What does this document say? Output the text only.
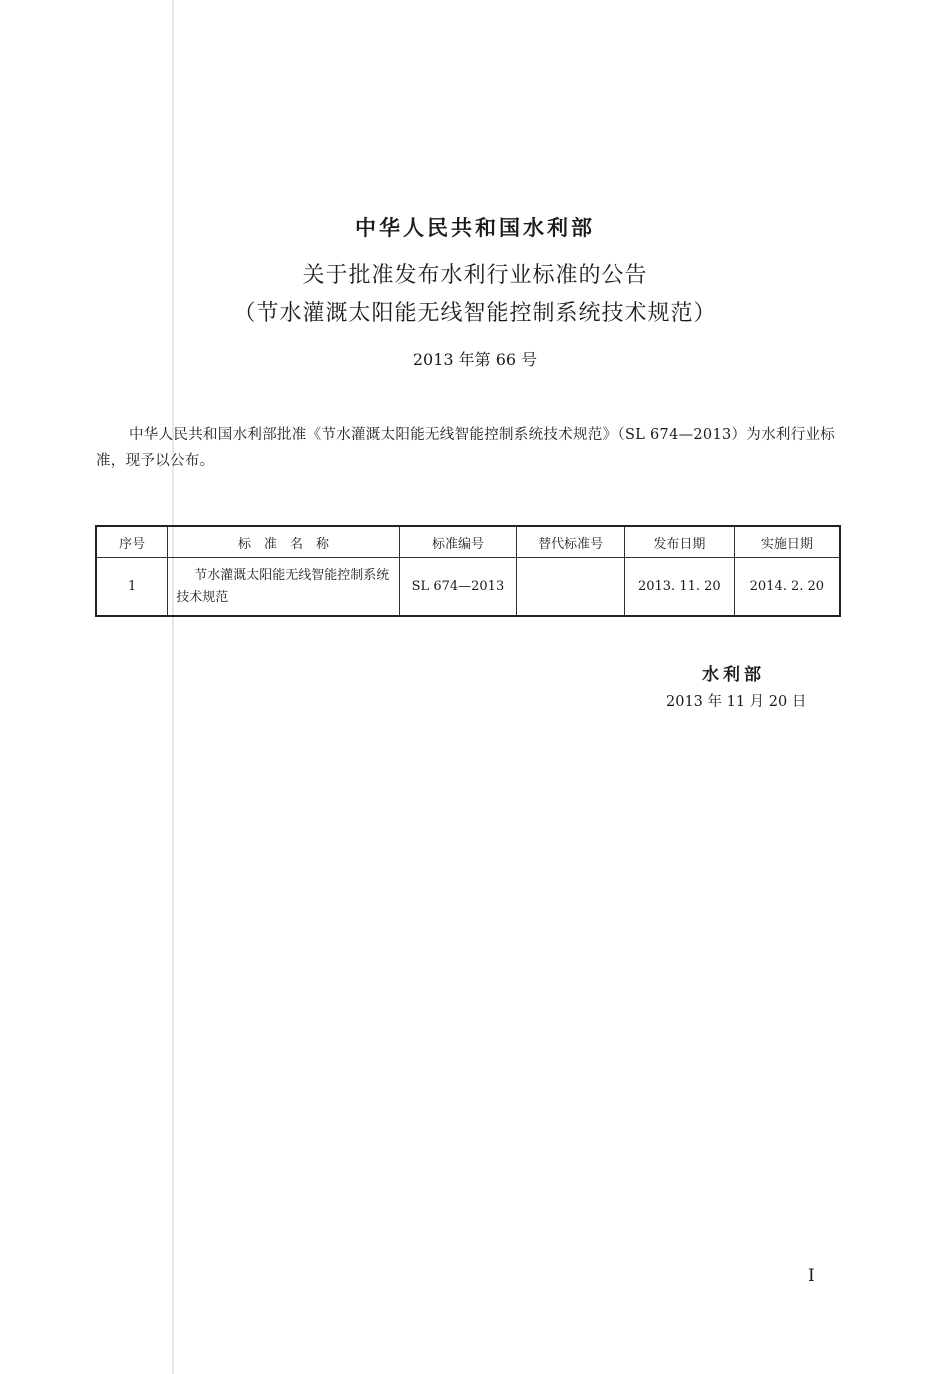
中华人民共和国水利部
关于批准发布水利行业标准的公告
（节水灌溉太阳能无线智能控制系统技术规范）
2013 年第 66 号

中华人民共和国水利部批准《节水灌溉太阳能无线智能控制系统技术规范》（SL 674—2013）为水利行业标准，现予以公布。

序号	标　准　名　称	标准编号	替代标准号	发布日期	实施日期
1	节水灌溉太阳能无线智能控制系统技术规范	SL 674—2013		2013. 11. 20	2014. 2. 20
水利部
2013 年 11 月 20 日
I
